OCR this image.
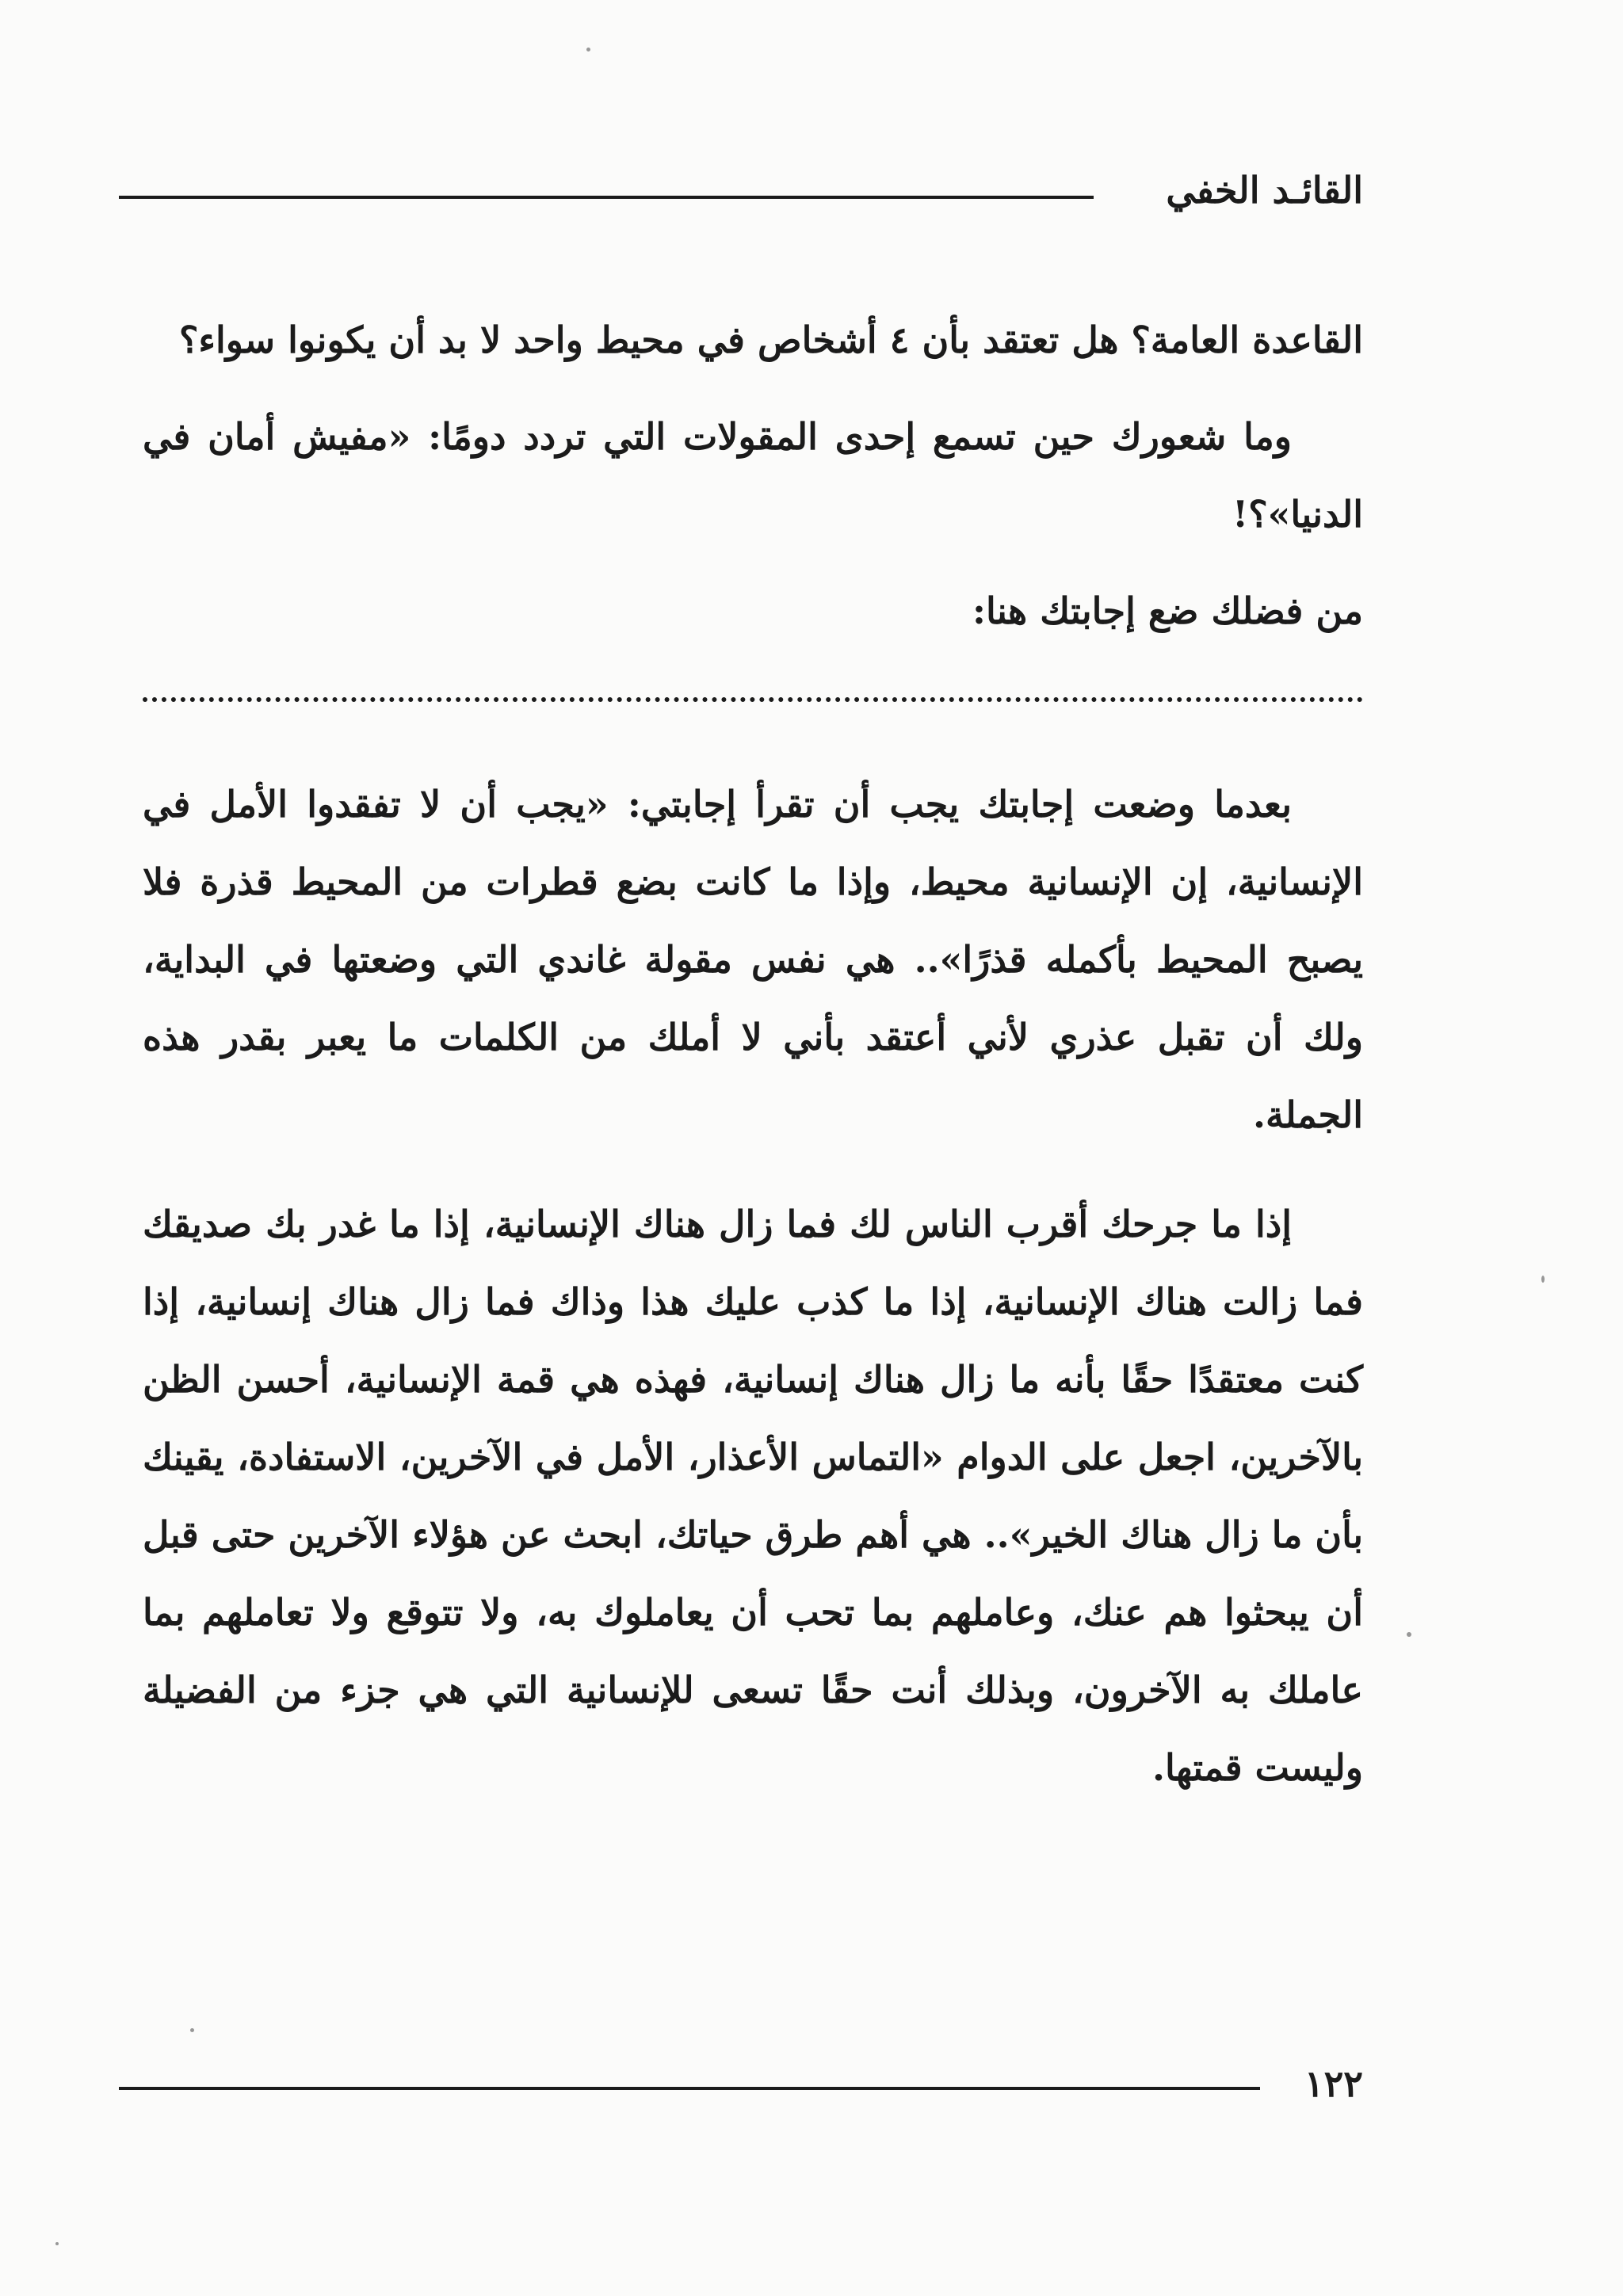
القائـد الخفي

القاعدة العامة؟ هل تعتقد بأن ٤ أشخاص في محيط واحد لا بد أن يكونوا سواء؟

وما شعورك حين تسمع إحدى المقولات التي تردد دومًا: «مفيش أمان في الدنيا»؟!

من فضلك ضع إجابتك هنا:

بعدما وضعت إجابتك يجب أن تقرأ إجابتي: «يجب أن لا تفقدوا الأمل في الإنسانية، إن الإنسانية محيط، وإذا ما كانت بضع قطرات من المحيط قذرة فلا يصبح المحيط بأكمله قذرًا».. هي نفس مقولة غاندي التي وضعتها في البداية، ولك أن تقبل عذري لأني أعتقد بأني لا أملك من الكلمات ما يعبر بقدر هذه الجملة.

إذا ما جرحك أقرب الناس لك فما زال هناك الإنسانية، إذا ما غدر بك صديقك فما زالت هناك الإنسانية، إذا ما كذب عليك هذا وذاك فما زال هناك إنسانية، إذا كنت معتقدًا حقًا بأنه ما زال هناك إنسانية، فهذه هي قمة الإنسانية، أحسن الظن بالآخرين، اجعل على الدوام «التماس الأعذار، الأمل في الآخرين، الاستفادة، يقينك بأن ما زال هناك الخير».. هي أهم طرق حياتك، ابحث عن هؤلاء الآخرين حتى قبل أن يبحثوا هم عنك، وعاملهم بما تحب أن يعاملوك به، ولا تتوقع ولا تعاملهم بما عاملك به الآخرون، وبذلك أنت حقًا تسعى للإنسانية التي هي جزء من الفضيلة وليست قمتها.

١٢٢
